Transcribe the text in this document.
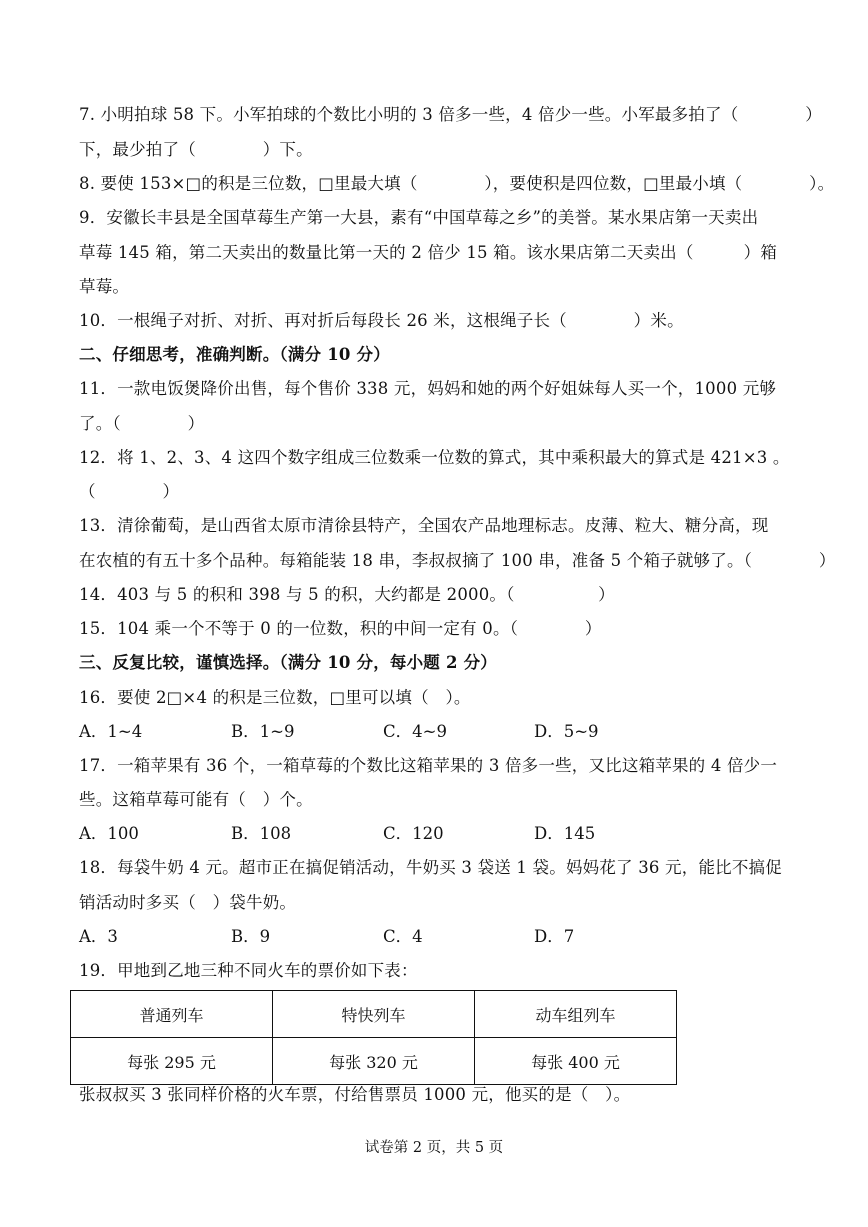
7. 小明拍球 58 下。小军拍球的个数比小明的 3 倍多一些，4 倍少一些。小军最多拍了（　　　　）
下，最少拍了（　　　　）下。
8. 要使 153×□的积是三位数，□里最大填（　　　　），要使积是四位数，□里最小填（　　　　）。
9．安徽长丰县是全国草莓生产第一大县，素有“中国草莓之乡”的美誉。某水果店第一天卖出
草莓 145 箱，第二天卖出的数量比第一天的 2 倍少 15 箱。该水果店第二天卖出（　　　）箱
草莓。
10．一根绳子对折、对折、再对折后每段长 26 米，这根绳子长（　　　　）米。
二、仔细思考，准确判断。（满分 10 分）
11．一款电饭煲降价出售，每个售价 338 元，妈妈和她的两个好姐妹每人买一个，1000 元够
了。（　　　　）
12．将 1、2、3、4 这四个数字组成三位数乘一位数的算式，其中乘积最大的算式是 421×3 。
（　　　　）
13．清徐葡萄，是山西省太原市清徐县特产，全国农产品地理标志。皮薄、粒大、糖分高，现
在农植的有五十多个品种。每箱能装 18 串，李叔叔摘了 100 串，准备 5 个箱子就够了。（　　　　）
14．403 与 5 的积和 398 与 5 的积，大约都是 2000。（　　　　　）
15．104 乘一个不等于 0 的一位数，积的中间一定有 0。（　　　　）
三、反复比较，谨慎选择。（满分 10 分，每小题 2 分）
16．要使 2□×4 的积是三位数，□里可以填（　）。
A．1~4	B．1~9	C．4~9	D．5~9
17．一箱苹果有 36 个，一箱草莓的个数比这箱苹果的 3 倍多一些，又比这箱苹果的 4 倍少一
些。这箱草莓可能有（　）个。
A．100	B．108	C．120	D．145
18．每袋牛奶 4 元。超市正在搞促销活动，牛奶买 3 袋送 1 袋。妈妈花了 36 元，能比不搞促
销活动时多买（　）袋牛奶。
A．3	B．9	C．4	D．7
19．甲地到乙地三种不同火车的票价如下表：
普通列车	特快列车	动车组列车
每张 295 元	每张 320 元	每张 400 元
张叔叔买 3 张同样价格的火车票，付给售票员 1000 元，他买的是（　）。
试卷第 2 页，共 5 页
